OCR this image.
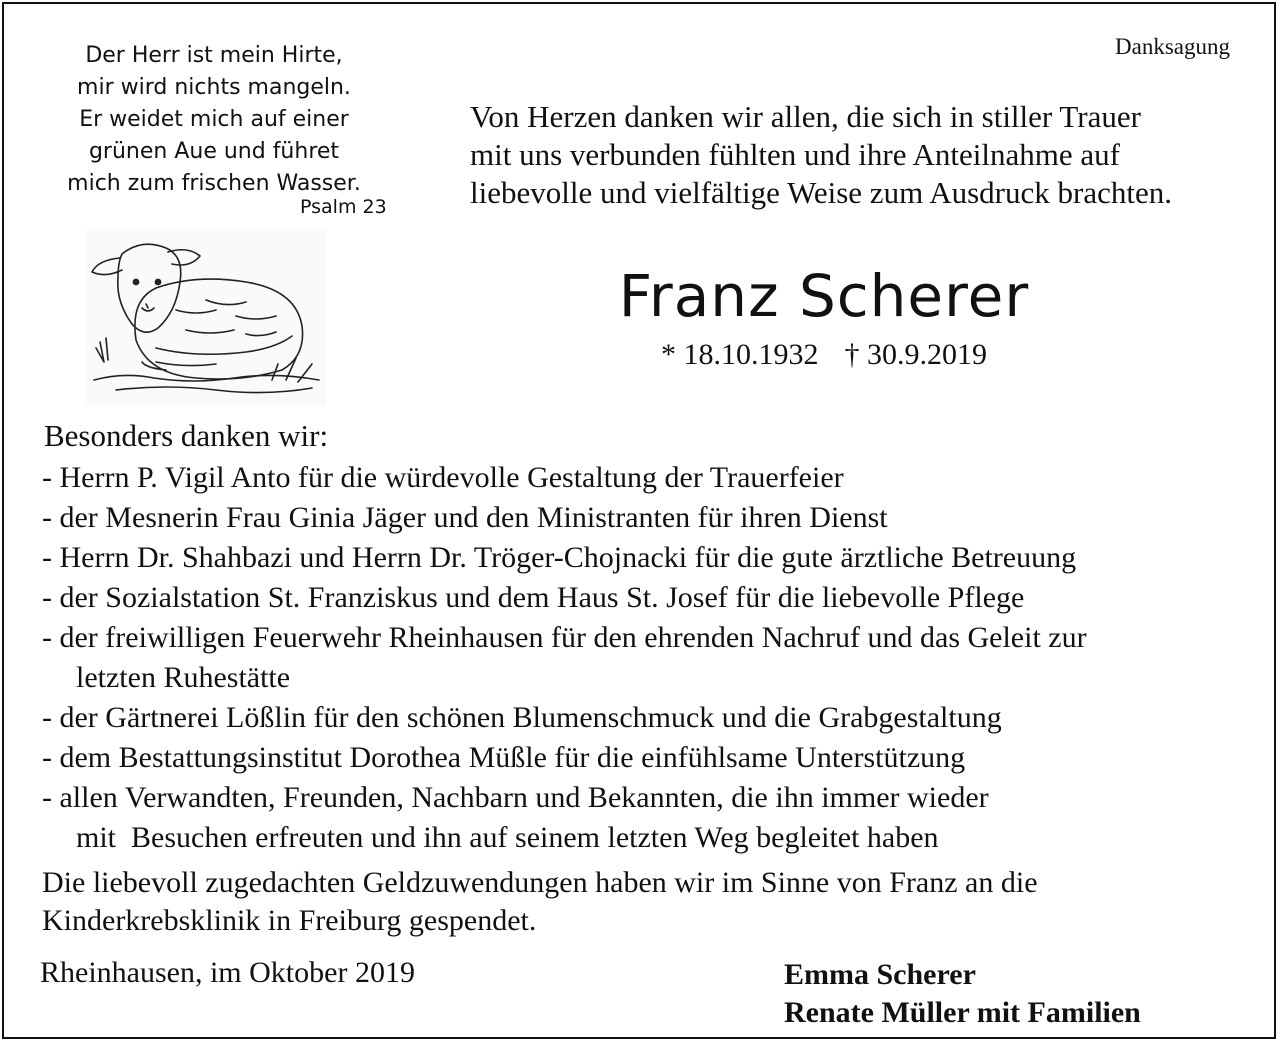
Danksagung
Der Herr ist mein Hirte,
mir wird nichts mangeln.
Er weidet mich auf einer
grünen Aue und führet
mich zum frischen Wasser.
Psalm 23
Von Herzen danken wir allen, die sich in stiller Trauer
mit uns verbunden fühlten und ihre Anteilnahme auf
liebevolle und vielfältige Weise zum Ausdruck brachten.
Franz Scherer
* 18.10.1932 † 30.9.2019
Besonders danken wir:
- Herrn P. Vigil Anto für die würdevolle Gestaltung der Trauerfeier
- der Mesnerin Frau Ginia Jäger und den Ministranten für ihren Dienst
- Herrn Dr. Shahbazi und Herrn Dr. Tröger-Chojnacki für die gute ärztliche Betreuung
- der Sozialstation St. Franziskus und dem Haus St. Josef für die liebevolle Pflege
- der freiwilligen Feuerwehr Rheinhausen für den ehrenden Nachruf und das Geleit zur
letzten Ruhestätte
- der Gärtnerei Lößlin für den schönen Blumenschmuck und die Grabgestaltung
- dem Bestattungsinstitut Dorothea Müßle für die einfühlsame Unterstützung
- allen Verwandten, Freunden, Nachbarn und Bekannten, die ihn immer wieder
mit  Besuchen erfreuten und ihn auf seinem letzten Weg begleitet haben
Die liebevoll zugedachten Geldzuwendungen haben wir im Sinne von Franz an die
Kinderkrebsklinik in Freiburg gespendet.
Rheinhausen, im Oktober 2019	Emma Scherer
Renate Müller mit Familien
